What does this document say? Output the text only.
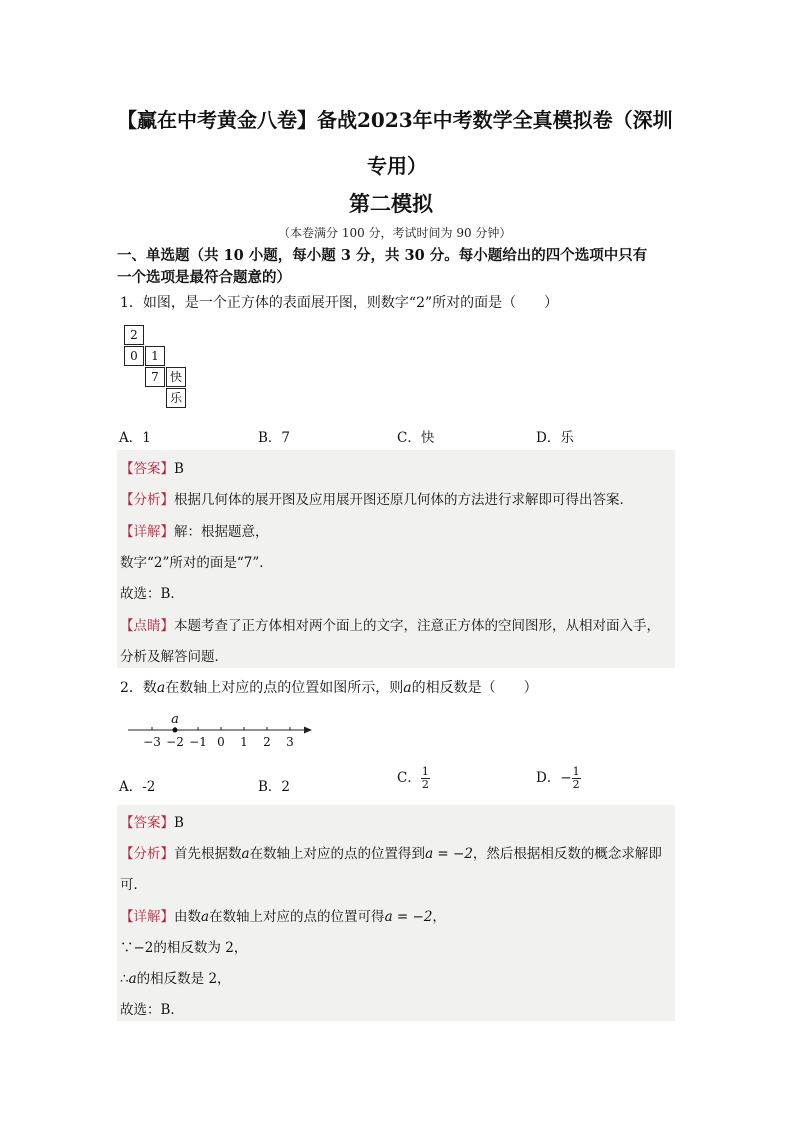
【赢在中考黄金八卷】备战2023年中考数学全真模拟卷（深圳
专用）
第二模拟
（本卷满分 100 分，考试时间为 90 分钟）
一、单选题（共 10 小题，每小题 3 分，共 30 分。每小题给出的四个选项中只有
一个选项是最符合题意的）
1．如图，是一个正方体的表面展开图，则数字“2”所对的面是（　　）
2
0	1
7 快
乐
A．1	B．7	C．快	D．乐
【答案】B
【分析】根据几何体的展开图及应用展开图还原几何体的方法进行求解即可得出答案．
【详解】解：根据题意，
数字“2”所对的面是“7”．
故选：B．
【点睛】本题考查了正方体相对两个面上的文字，注意正方体的空间图形，从相对面入手，
分析及解答问题．
2．数a在数轴上对应的点的位置如图所示，则a的相反数是（　　）
−3 −2 −1 0 1 2 3
a
A．-2	B．2
C． $\frac{1}{2}$	D．− $\frac{1}{2}$
【答案】B
【分析】首先根据数a在数轴上对应的点的位置得到a = −2，然后根据相反数的概念求解即
可．
【详解】由数a在数轴上对应的点的位置可得a = −2，
∵−2的相反数为 2，
∴a的相反数是 2，
故选：B．
